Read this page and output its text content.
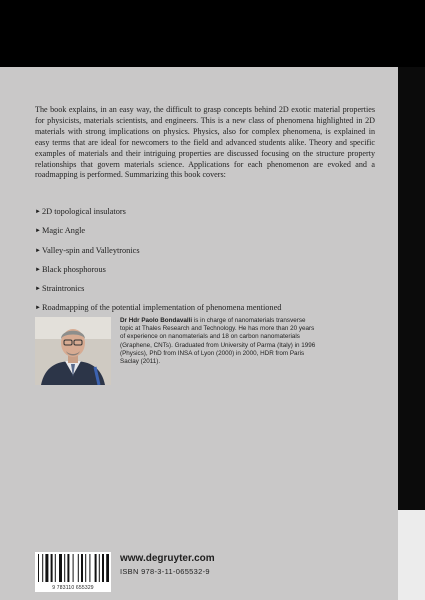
The book explains, in an easy way, the difficult to grasp concepts behind 2D exotic material properties for physicists, materials scientists, and engineers. This is a new class of phenomena highlighted in 2D materials with strong implications on physics. Physics, also for complex phenomena, is explained in easy terms that are ideal for newcomers to the field and advanced students alike. Theory and specific examples of materials and their intriguing properties are discussed focusing on the structure property relationships that govern materials science. Applications for each phenomenon are evoked and a roadmapping is performed. Summarizing this book covers:

► 2D topological insulators
► Magic Angle
► Valley-spin and Valleytronics
► Black phosphorous
► Straintronics
► Roadmapping of the potential implementation of phenomena mentioned

Dr Hdr Paolo Bondavalli is in charge of nanomaterials transverse topic at Thales Research and Technology. He has more than 20 years of experience on nanomaterials and 18 on carbon nanomaterials (Graphene, CNTs). Graduated from University of Parma (Italy) in 1996 (Physics), PhD from INSA of Lyon (2000) in 2000, HDR from Paris Saclay (2011).

9 783110 655329
www.degruyter.com
ISBN 978-3-11-065532-9
